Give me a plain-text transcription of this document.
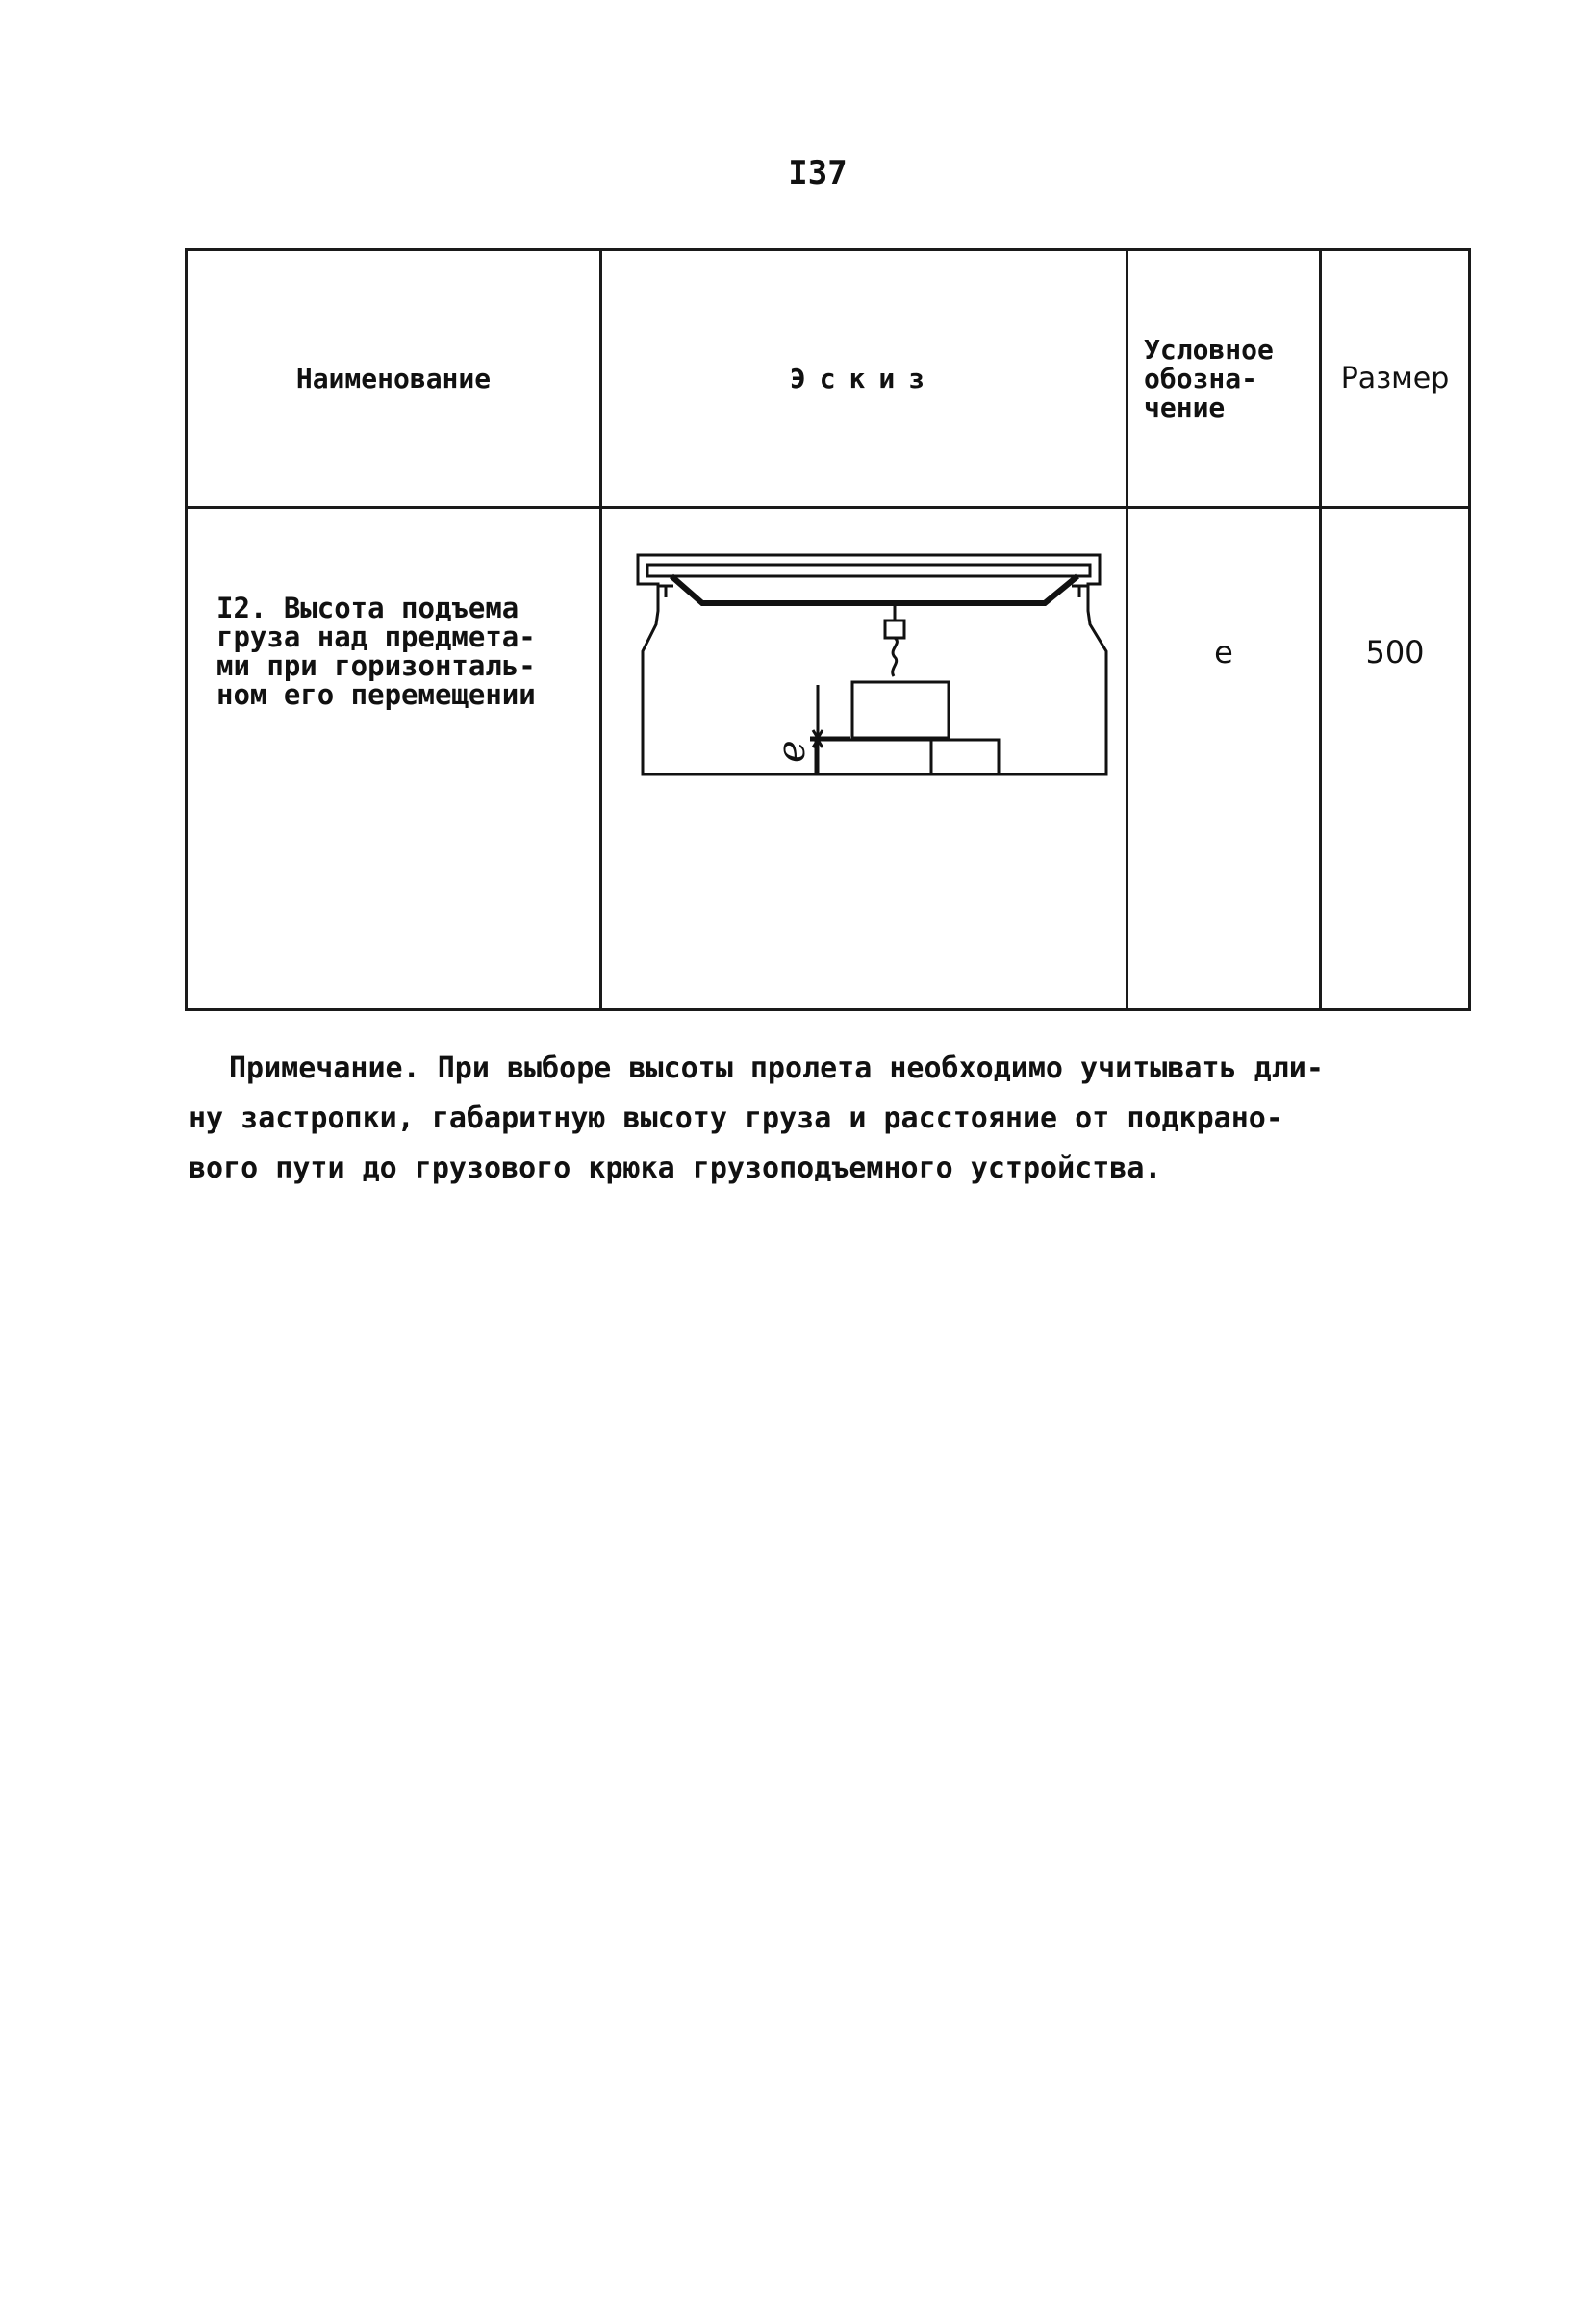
I37
Наименование	Эскиз	Условное
обозна-
чение	Размер

I2. Высота подъема
груза над предмета-
ми при горизонталь-
ном его перемещении	e	е	500

Примечание. При выборе высоты пролета необходимо учитывать дли-

ну застропки, габаритную высоту груза и расстояние от подкрано-

вого пути до грузового крюка грузоподъемного устройства.
